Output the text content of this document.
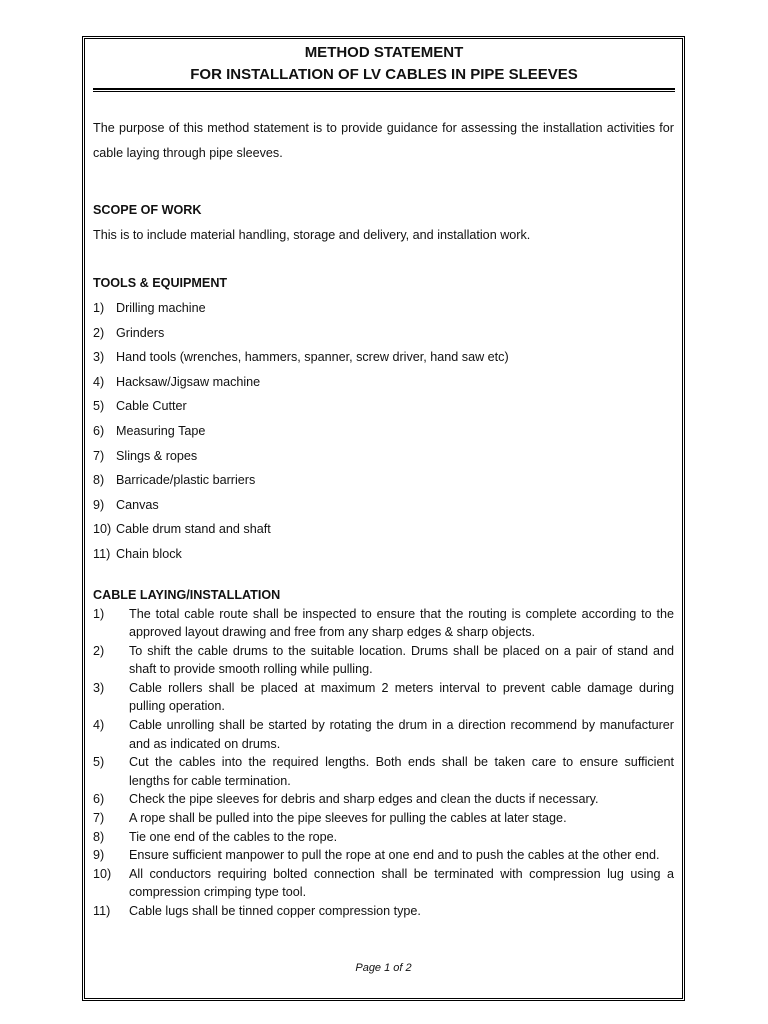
METHOD STATEMENT
FOR INSTALLATION OF LV CABLES IN PIPE SLEEVES

The purpose of this method statement is to provide guidance for assessing the installation activities for cable laying through pipe sleeves.

SCOPE OF WORK

This is to include material handling, storage and delivery, and installation work.

TOOLS & EQUIPMENT

1) Drilling machine
2) Grinders
3) Hand tools (wrenches, hammers, spanner, screw driver, hand saw etc)
4) Hacksaw/Jigsaw machine
5) Cable Cutter
6) Measuring Tape
7) Slings & ropes
8) Barricade/plastic barriers
9) Canvas
10) Cable drum stand and shaft
11) Chain block

CABLE LAYING/INSTALLATION

1)	The total cable route shall be inspected to ensure that the routing is complete according to the approved layout drawing and free from any sharp edges & sharp objects.
2)	To shift the cable drums to the suitable location. Drums shall be placed on a pair of stand and shaft to provide smooth rolling while pulling.
3)	Cable rollers shall be placed at maximum 2 meters interval to prevent cable damage during pulling operation.
4)	Cable unrolling shall be started by rotating the drum in a direction recommend by manufacturer and as indicated on drums.
5)	Cut the cables into the required lengths. Both ends shall be taken care to ensure sufficient lengths for cable termination.
6)	Check the pipe sleeves for debris and sharp edges and clean the ducts if necessary.
7)	A rope shall be pulled into the pipe sleeves for pulling the cables at later stage.
8)	Tie one end of the cables to the rope.
9)	Ensure sufficient manpower to pull the rope at one end and to push the cables at the other end.
10)	All conductors requiring bolted connection shall be terminated with compression lug using a compression crimping type tool.
11)	Cable lugs shall be tinned copper compression type.
Page 1 of 2
